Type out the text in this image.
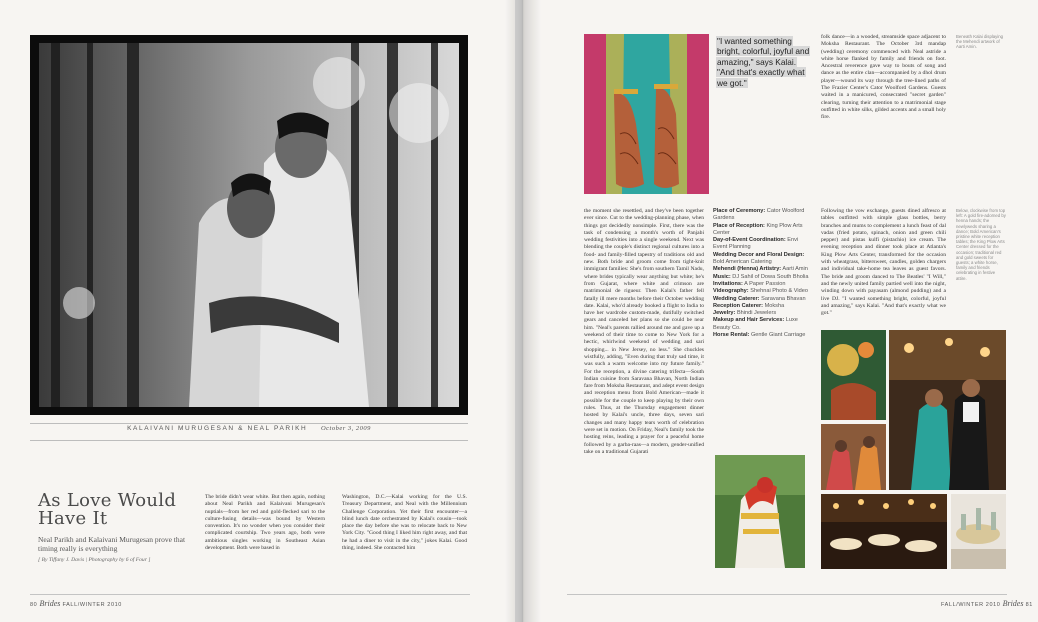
KALAIVANI MURUGESAN & NEAL PARIKH October 3, 2009
As Love Would Have It
Neal Parikh and Kalaivani Murugesan prove that timing really is everything
[ By Tiffany J. Davis | Photography by 6 of Four ]
The bride didn't wear white. But then again, nothing about Neal Parikh and Kalaivani Murugesan's nuptials—from her red and gold-flecked sari to the culture-fusing details—was bound by Western convention. It's no wonder when you consider their complicated courtship. Two years ago, both were ambitious singles working in Southeast Asian development. Both were based in
Washington, D.C.—Kalai working for the U.S. Treasury Department, and Neal with the Millennium Challenge Corporation. Yet their first encounter—a blind lunch date orchestrated by Kalai's cousin—took place the day before she was to relocate back to New York City. "Good thing I liked him right away, and that he had a diner to visit in the city," jokes Kalai. Good thing, indeed. She contacted him
80 Brides FALL/WINTER 2010
"I wanted something bright, colorful, joyful and amazing," says Kalai. "And that's exactly what we got."
the moment she resettled, and they've been together ever since. Cut to the wedding-planning phase, when things got decidedly nonsimple. First, there was the task of condensing a month's worth of Panjabi wedding festivities into a single weekend. Next was blending the couple's distinct regional cultures into a food- and family-filled tapestry of traditions old and new. Both bride and groom come from tight-knit immigrant families: She's from southern Tamil Nadu, where brides typically wear anything but white; he's from Gujarat, where white and crimson are matrimonial de rigueur. Then Kalai's father fell fatally ill mere months before their October wedding date. Kalai, who'd already booked a flight to India to have her wardrobe custom-made, dutifully switched gears and canceled her plans so she could be near him. "Neal's parents rallied around me and gave up a weekend of their time to come to New York for a hectic, whirlwind weekend of wedding and sari shopping... in New Jersey, no less." She chuckles wistfully, adding, "Even during that truly sad time, it was such a warm welcome into my future family." For the reception, a divine catering trifecta—South Indian cuisine from Saravana Bhavan, North Indian fare from Moksha Restaurant, and adept event design and reception menu from Bold American—made it possible for the couple to keep playing by their own rules. Thus, at the Thursday engagement dinner hosted by Kalai's uncle, three days, seven sari changes and many happy tears worth of celebration were set in motion. On Friday, Neal's family took the hosting reins, leading a prayer for a peaceful home followed by a garba-raas—a modern, gender-unified take on a traditional Gujarati
Place of Ceremony: Cator Woolford Gardens
Place of Reception: King Plow Arts Center
Day-of-Event Coordination: Envi Event Planning
Wedding Decor and Floral Design: Bold American Catering
Mehendi (Henna) Artistry: Aarti Amin
Music: DJ Sahil of Dowa South Bholia
Invitations: A Paper Passion
Videography: Shehnai Photo & Video
Wedding Caterer: Saravana Bhavan
Reception Caterer: Moksha
Jewelry: Bhindi Jewelers
Makeup and Hair Services: Luxe Beauty Co.
Horse Rental: Gentle Giant Carriage
folk dance—in a wooded, streamside space adjacent to Moksha Restaurant. The October 3rd mandap (wedding) ceremony commenced with Neal astride a white horse flanked by family and friends on foot. Ancestral reverence gave way to bouts of song and dance as the entire clan—accompanied by a dhol drum player—wound its way through the tree-lined paths of The Frazier Center's Cator Woolford Gardens. Guests waited in a manicured, consecrated "secret garden" clearing, turning their attention to a matrimonial stage outfitted in white silks, gilded accents and a small holy fire.
Following the vow exchange, guests dined alfresco at tables outfitted with simple glass bottles, berry branches and mums to complement a lunch feast of dal vadas (fried potato, spinach, onion and green chili pepper) and pistas kulfi (pistachio) ice cream. The evening reception and dinner took place at Atlanta's King Plow Arts Center, transformed for the occasion with wheatgrass, bittersweet, candles, golden chargers and individual take-home tea leaves as guest favors. The bride and groom danced to The Beatles' "I Will," and the newly united family partied well into the night, winding down with payasam (almond pudding) and a live DJ. "I wanted something bright, colorful, joyful and amazing," says Kalai. "And that's exactly what we got."
Beneath Kalai displaying the Mehendi artwork of Aarti Amin.
Below, clockwise from top left: A gold fire-adorned by henna hands; the newlyweds sharing a dance; Bold American's pristine white reception tables; the King Plow Arts Center dressed for the occasion; traditional red and gold sweets for guests; a white horse, family and friends celebrating in festive attire.
FALL/WINTER 2010 Brides 81
